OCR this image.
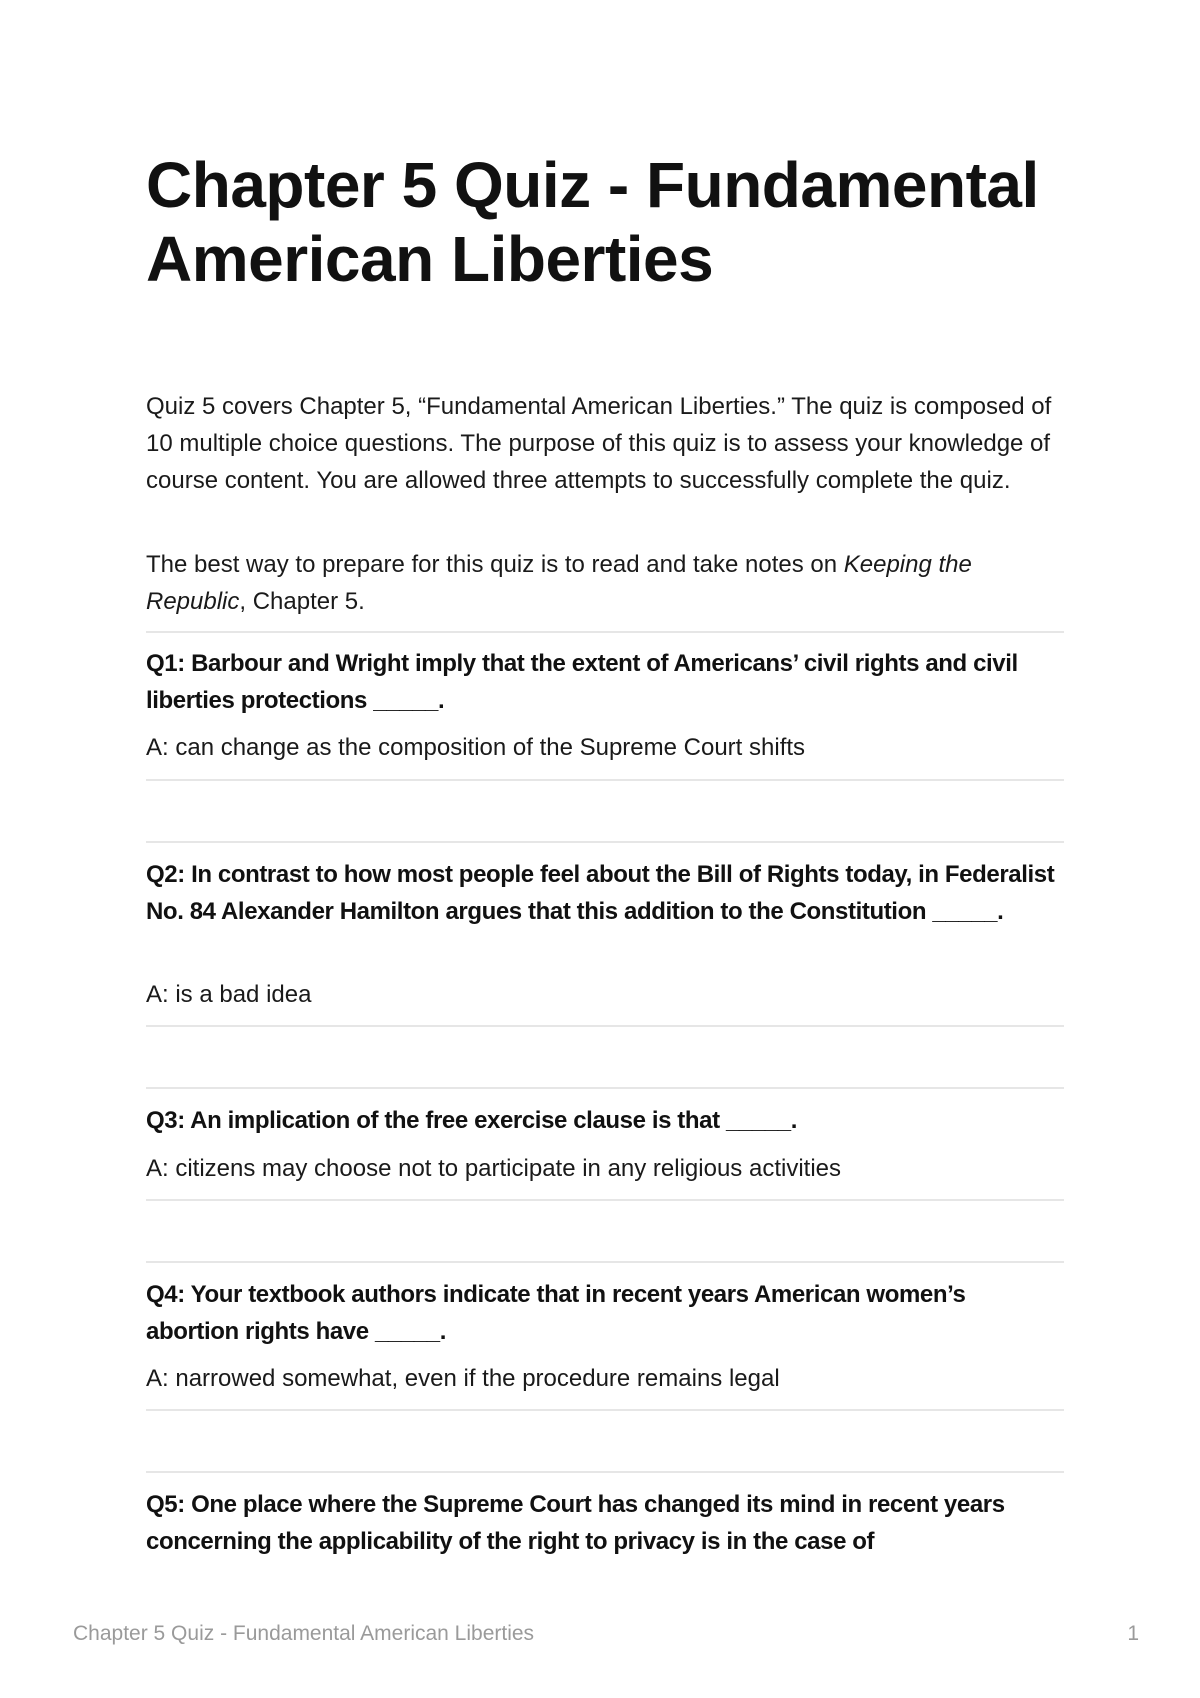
Chapter 5 Quiz - Fundamental American Liberties

Quiz 5 covers Chapter 5, “Fundamental American Liberties.” The quiz is composed of 10 multiple choice questions. The purpose of this quiz is to assess your knowledge of course content. You are allowed three attempts to successfully complete the quiz.

The best way to prepare for this quiz is to read and take notes on Keeping the Republic, Chapter 5.

Q1: Barbour and Wright imply that the extent of Americans’ civil rights and civil liberties protections _____.

A: can change as the composition of the Supreme Court shifts

Q2: In contrast to how most people feel about the Bill of Rights today, in Federalist No. 84 Alexander Hamilton argues that this addition to the Constitution _____.

A: is a bad idea

Q3: An implication of the free exercise clause is that _____.

A: citizens may choose not to participate in any religious activities

Q4: Your textbook authors indicate that in recent years American women’s abortion rights have _____.

A: narrowed somewhat, even if the procedure remains legal

Q5: One place where the Supreme Court has changed its mind in recent years concerning the applicability of the right to privacy is in the case of

Chapter 5 Quiz - Fundamental American Liberties	1
